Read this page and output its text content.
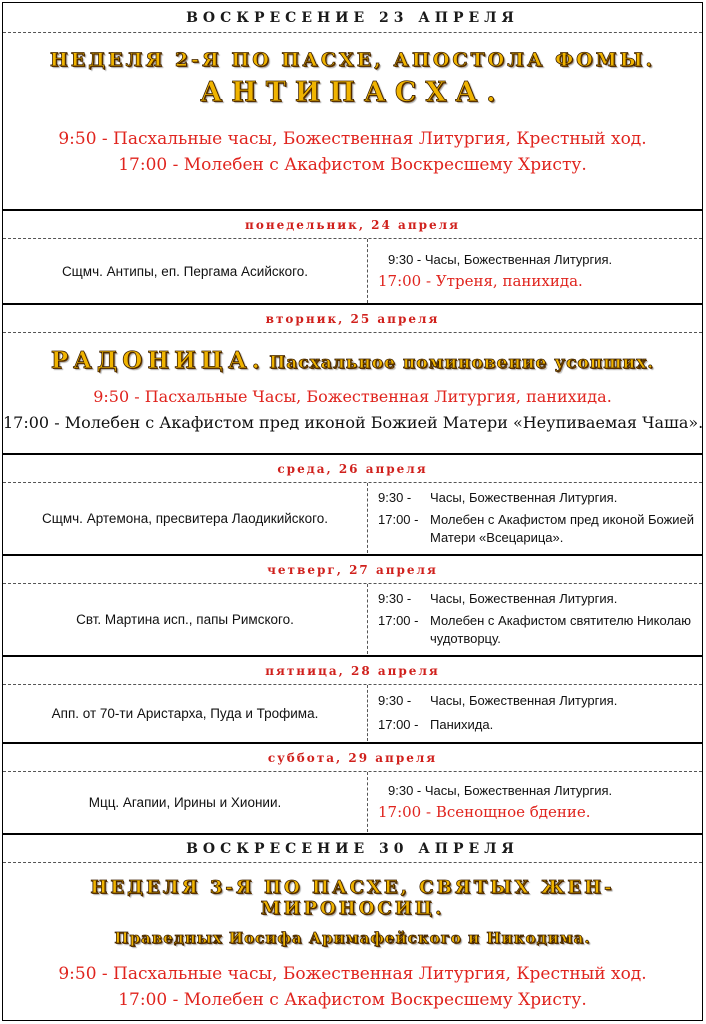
ВОСКРЕСЕНИЕ 23 АПРЕЛЯ
НЕДЕЛЯ 2-Я ПО ПАСХЕ, АПОСТОЛА ФОМЫ.
АНТИПАСХА.
9:50 - Пасхальные часы, Божественная Литургия, Крестный ход.
17:00 - Молебен с Акафистом Воскресшему Христу.
понедельник, 24 апреля
Сщмч. Антипы, еп. Пергама Асийского.
9:30 - Часы, Божественная Литургия.
17:00 - Утреня, панихида.
вторник, 25 апреля
РАДОНИЦА. Пасхальное поминовение усопших.
9:50 - Пасхальные Часы, Божественная Литургия, панихида.
17:00 - Молебен с Акафистом пред иконой Божией Матери «Неупиваемая Чаша».
среда, 26 апреля
Сщмч. Артемона, пресвитера Лаодикийского.
9:30 -	Часы, Божественная Литургия.
17:00 - Молебен с Акафистом пред иконой Божией Матери «Всецарица».
четверг, 27 апреля
Свт. Мартина исп., папы Римского.
9:30 -	Часы, Божественная Литургия.
17:00 - Молебен с Акафистом святителю Николаю чудотворцу.
пятница, 28 апреля
Апп. от 70-ти Аристарха, Пуда и Трофима.
9:30 -	Часы, Божественная Литургия.
17:00 - Панихида.
суббота, 29 апреля
Мцц. Агапии, Ирины и Хионии.
9:30 - Часы, Божественная Литургия.
17:00 - Всенощное бдение.
ВОСКРЕСЕНИЕ 30 АПРЕЛЯ
НЕДЕЛЯ 3-Я ПО ПАСХЕ, СВЯТЫХ ЖЕН-МИРОНОСИЦ.
Праведных Иосифа Аримафейского и Никодима.
9:50 - Пасхальные часы, Божественная Литургия, Крестный ход.
17:00 - Молебен с Акафистом Воскресшему Христу.
